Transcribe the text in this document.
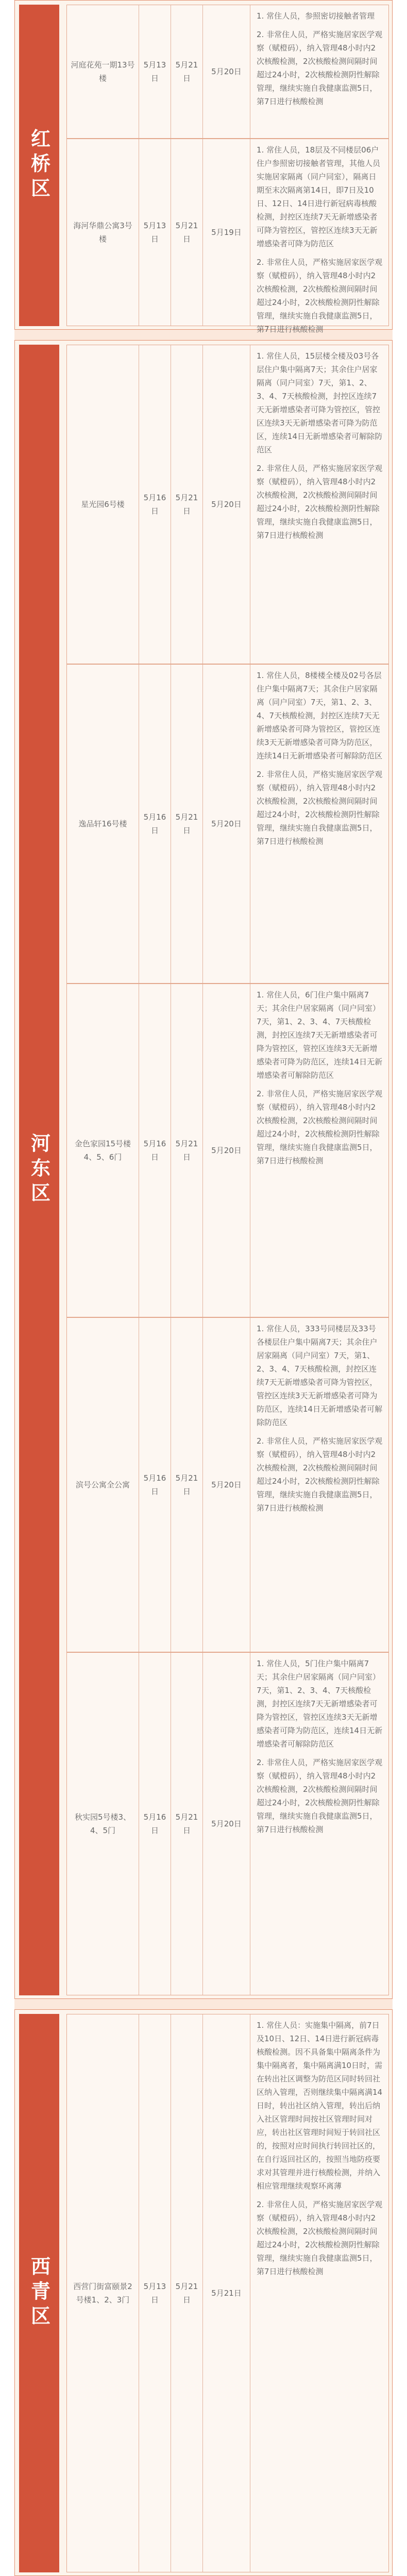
红桥区
河庭花苑一期13号楼
5月13日
5月21日
5月20日

1. 常住人员，参照密切接触者管理

2. 非常住人员，严格实施居家医学观察（赋橙码），纳入管理48小时内2次核酸检测，2次核酸检测间隔时间超过24小时，2次核酸检测阴性解除管理，继续实施自我健康监测5日，第7日进行核酸检测

海河华鼎公寓3号楼
5月13日
5月21日
5月19日

1. 常住人员，18层及不同楼层06户住户参照密切接触者管理，其他人员实施居家隔离（同户同室），隔离日期至末次隔离第14日，即7日及10日、12日、14日进行新冠病毒核酸检测，封控区连续7天无新增感染者可降为管控区，管控区连续3天无新增感染者可降为防范区

2. 非常住人员，严格实施居家医学观察（赋橙码），纳入管理48小时内2次核酸检测，2次核酸检测间隔时间超过24小时，2次核酸检测阴性解除管理，继续实施自我健康监测5日，第7日进行核酸检测

河东区
星光园6号楼
5月16日
5月21日
5月20日

1. 常住人员，15层楼全楼及03号各层住户集中隔离7天；其余住户居家隔离（同户同室）7天，第1、2、3、4、7天核酸检测，封控区连续7天无新增感染者可降为管控区，管控区连续3天无新增感染者可降为防范区，连续14日无新增感染者可解除防范区

2. 非常住人员，严格实施居家医学观察（赋橙码），纳入管理48小时内2次核酸检测，2次核酸检测间隔时间超过24小时，2次核酸检测阴性解除管理，继续实施自我健康监测5日，第7日进行核酸检测

逸品轩16号楼
5月16日
5月21日
5月20日

1. 常住人员，8楼楼全楼及02号各层住户集中隔离7天；其余住户居家隔离（同户同室）7天，第1、2、3、4、7天核酸检测，封控区连续7天无新增感染者可降为管控区，管控区连续3天无新增感染者可降为防范区，连续14日无新增感染者可解除防范区

2. 非常住人员，严格实施居家医学观察（赋橙码），纳入管理48小时内2次核酸检测，2次核酸检测间隔时间超过24小时，2次核酸检测阴性解除管理，继续实施自我健康监测5日，第7日进行核酸检测

金色家园15号楼4、5、6门
5月16日
5月21日
5月20日

1. 常住人员，6门住户集中隔离7天；其余住户居家隔离（同户同室）7天，第1、2、3、4、7天核酸检测，封控区连续7天无新增感染者可降为管控区，管控区连续3天无新增感染者可降为防范区，连续14日无新增感染者可解除防范区

2. 非常住人员，严格实施居家医学观察（赋橙码），纳入管理48小时内2次核酸检测，2次核酸检测间隔时间超过24小时，2次核酸检测阴性解除管理，继续实施自我健康监测5日，第7日进行核酸检测

滨号公寓全公寓
5月16日
5月21日
5月20日

1. 常住人员，333号同楼层及33号各楼层住户集中隔离7天；其余住户居家隔离（同户同室）7天，第1、2、3、4、7天核酸检测，封控区连续7天无新增感染者可降为管控区，管控区连续3天无新增感染者可降为防范区，连续14日无新增感染者可解除防范区

2. 非常住人员，严格实施居家医学观察（赋橙码），纳入管理48小时内2次核酸检测，2次核酸检测间隔时间超过24小时，2次核酸检测阴性解除管理，继续实施自我健康监测5日，第7日进行核酸检测

秋实园5号楼3、4、5门
5月16日
5月21日
5月20日

1. 常住人员，5门住户集中隔离7天；其余住户居家隔离（同户同室）7天，第1、2、3、4、7天核酸检测，封控区连续7天无新增感染者可降为管控区，管控区连续3天无新增感染者可降为防范区，连续14日无新增感染者可解除防范区

2. 非常住人员，严格实施居家医学观察（赋橙码），纳入管理48小时内2次核酸检测，2次核酸检测间隔时间超过24小时，2次核酸检测阴性解除管理，继续实施自我健康监测5日，第7日进行核酸检测

西青区	西营门街富颐景2号楼1、2、3门
5月13日
5月21日
5月21日

1. 常住人员：实施集中隔离，前7日及10日、12日、14日进行新冠病毒核酸检测。因不具备集中隔离条件为集中隔离者，集中隔离满10日时，需在转出社区调整为防范区同时转回社区纳入管理，否则继续集中隔离满14日时，转出社区纳入管理，转出后纳入社区管理时间按社区管理时间对应，转出社区管理时间短于转回社区的，按照对应时间执行转回社区的，在自行返回社区的，按照当地防疫要求对其管理并进行核酸检测，并纳入相应管理继续观察环离薄

2. 非常住人员，严格实施居家医学观察（赋橙码），纳入管理48小时内2次核酸检测，2次核酸检测间隔时间超过24小时，2次核酸检测阴性解除管理，继续实施自我健康监测5日，第7日进行核酸检测
